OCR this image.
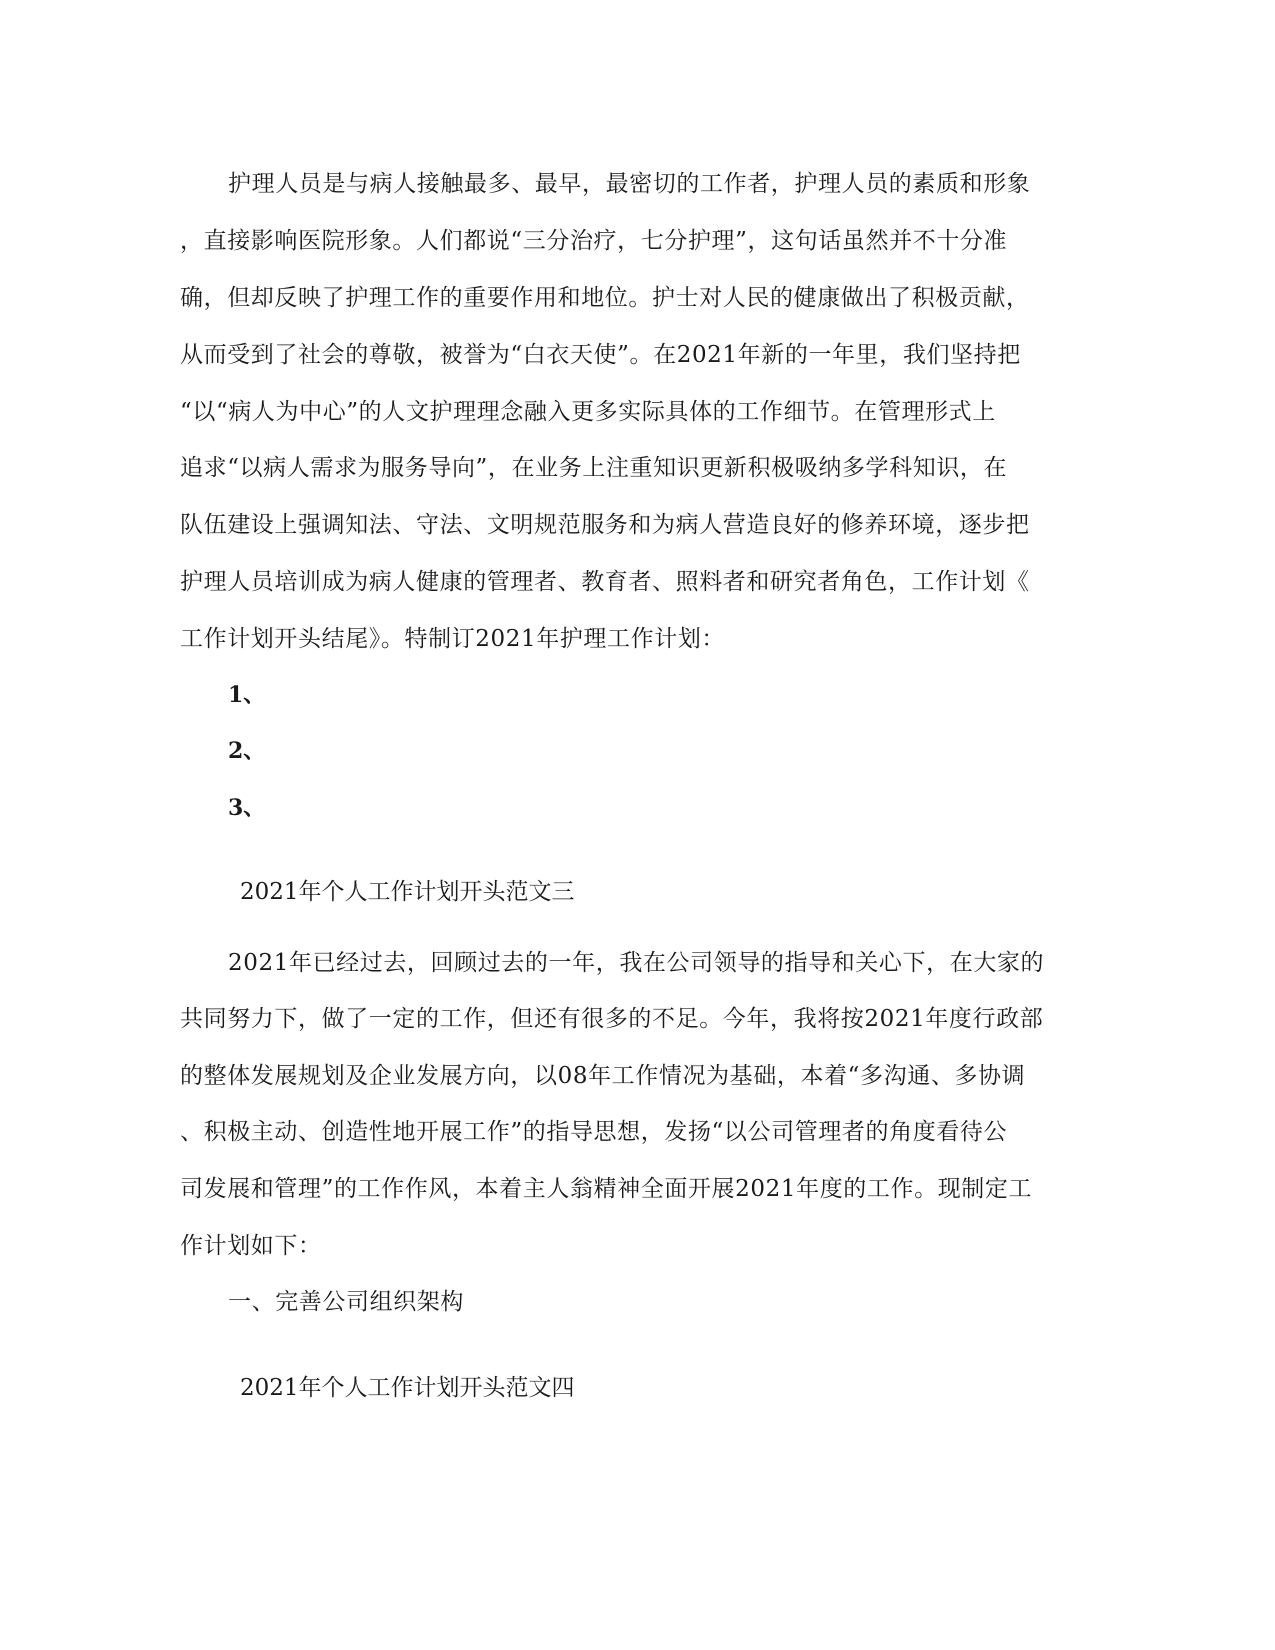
护理人员是与病人接触最多、最早，最密切的工作者，护理人员的素质和形象
，直接影响医院形象。人们都说“三分治疗，七分护理”，这句话虽然并不十分准
确，但却反映了护理工作的重要作用和地位。护士对人民的健康做出了积极贡献，
从而受到了社会的尊敬，被誉为“白衣天使”。在2021年新的一年里，我们坚持把
“以“病人为中心”的人文护理理念融入更多实际具体的工作细节。在管理形式上
追求“以病人需求为服务导向”，在业务上注重知识更新积极吸纳多学科知识，在
队伍建设上强调知法、守法、文明规范服务和为病人营造良好的修养环境，逐步把
护理人员培训成为病人健康的管理者、教育者、照料者和研究者角色，工作计划《
工作计划开头结尾》。特制订2021年护理工作计划：
1、
2、
3、
2021年个人工作计划开头范文三
2021年已经过去，回顾过去的一年，我在公司领导的指导和关心下，在大家的
共同努力下，做了一定的工作，但还有很多的不足。今年，我将按2021年度行政部
的整体发展规划及企业发展方向，以08年工作情况为基础，本着“多沟通、多协调
、积极主动、创造性地开展工作”的指导思想，发扬“以公司管理者的角度看待公
司发展和管理”的工作作风，本着主人翁精神全面开展2021年度的工作。现制定工
作计划如下：
一、完善公司组织架构
2021年个人工作计划开头范文四
